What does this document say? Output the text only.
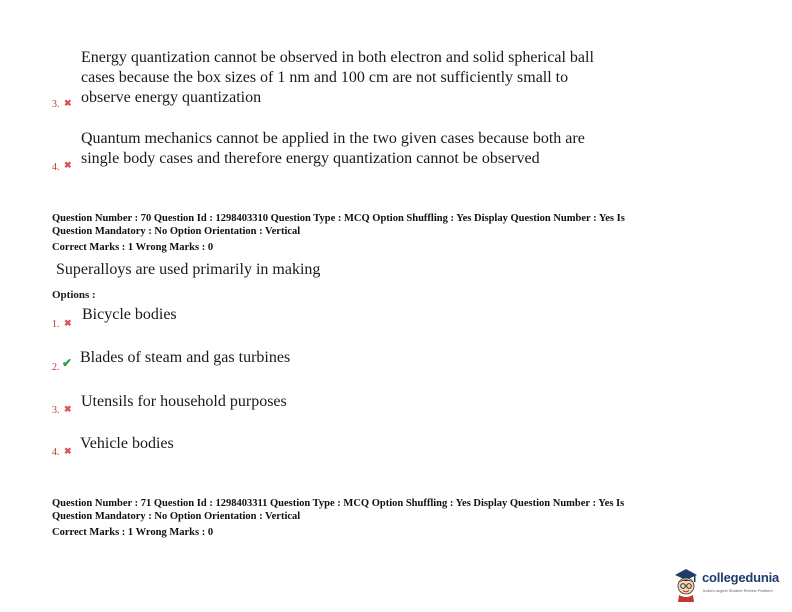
3. ✖
Energy quantization cannot be observed in both electron and solid spherical ball
cases because the box sizes of 1 nm and 100 cm are not sufficiently small to
observe energy quantization
4. ✖
Quantum mechanics cannot be applied in the two given cases because both are
single body cases and therefore energy quantization cannot be observed
Question Number : 70 Question Id : 1298403310 Question Type : MCQ Option Shuffling : Yes Display Question Number : Yes Is
Question Mandatory : No Option Orientation : Vertical
Correct Marks : 1 Wrong Marks : 0
Superalloys are used primarily in making
Options :
1. ✖ Bicycle bodies
2. ✔ Blades of steam and gas turbines
3. ✖ Utensils for household purposes
4. ✖ Vehicle bodies
Question Number : 71 Question Id : 1298403311 Question Type : MCQ Option Shuffling : Yes Display Question Number : Yes Is
Question Mandatory : No Option Orientation : Vertical
Correct Marks : 1 Wrong Marks : 0
collegedunia
India's largest Student Review Platform
